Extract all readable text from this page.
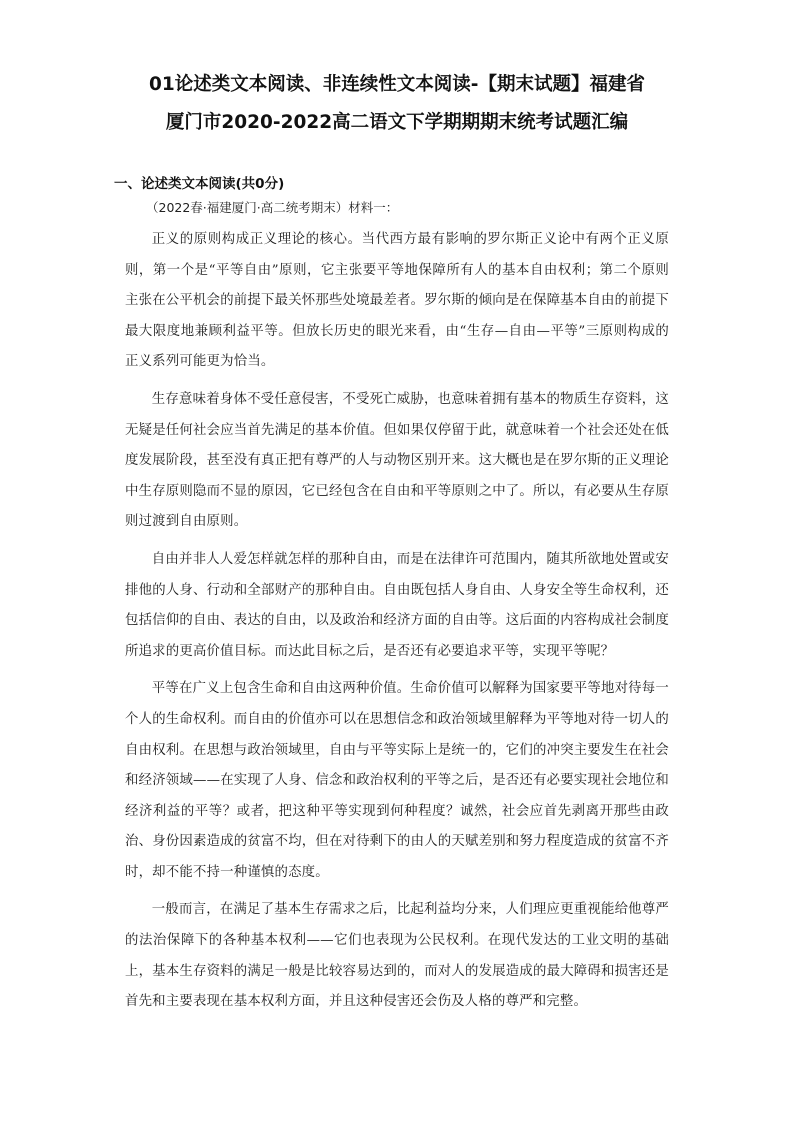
01论述类文本阅读、非连续性文本阅读-【期末试题】福建省
厦门市2020-2022高二语文下学期期期末统考试题汇编
一、论述类文本阅读(共0分)
（2022春·福建厦门·高二统考期末）材料一：

正义的原则构成正义理论的核心。当代西方最有影响的罗尔斯正义论中有两个正义原则，第一个是“平等自由”原则，它主张要平等地保障所有人的基本自由权利；第二个原则主张在公平机会的前提下最关怀那些处境最差者。罗尔斯的倾向是在保障基本自由的前提下最大限度地兼顾利益平等。但放长历史的眼光来看，由“生存—自由—平等”三原则构成的正义系列可能更为恰当。

生存意味着身体不受任意侵害，不受死亡威胁，也意味着拥有基本的物质生存资料，这无疑是任何社会应当首先满足的基本价值。但如果仅停留于此，就意味着一个社会还处在低度发展阶段，甚至没有真正把有尊严的人与动物区别开来。这大概也是在罗尔斯的正义理论中生存原则隐而不显的原因，它已经包含在自由和平等原则之中了。所以，有必要从生存原则过渡到自由原则。

自由并非人人爱怎样就怎样的那种自由，而是在法律许可范围内，随其所欲地处置或安排他的人身、行动和全部财产的那种自由。自由既包括人身自由、人身安全等生命权利，还包括信仰的自由、表达的自由，以及政治和经济方面的自由等。这后面的内容构成社会制度所追求的更高价值目标。而达此目标之后，是否还有必要追求平等，实现平等呢？

平等在广义上包含生命和自由这两种价值。生命价值可以解释为国家要平等地对待每一个人的生命权利。而自由的价值亦可以在思想信念和政治领域里解释为平等地对待一切人的自由权利。在思想与政治领域里，自由与平等实际上是统一的，它们的冲突主要发生在社会和经济领域——在实现了人身、信念和政治权利的平等之后，是否还有必要实现社会地位和经济利益的平等？或者，把这种平等实现到何种程度？诚然，社会应首先剥离开那些由政治、身份因素造成的贫富不均，但在对待剩下的由人的天赋差别和努力程度造成的贫富不齐时，却不能不持一种谨慎的态度。

一般而言，在满足了基本生存需求之后，比起利益均分来，人们理应更重视能给他尊严的法治保障下的各种基本权利——它们也表现为公民权利。在现代发达的工业文明的基础上，基本生存资料的满足一般是比较容易达到的，而对人的发展造成的最大障碍和损害还是首先和主要表现在基本权利方面，并且这种侵害还会伤及人格的尊严和完整。
